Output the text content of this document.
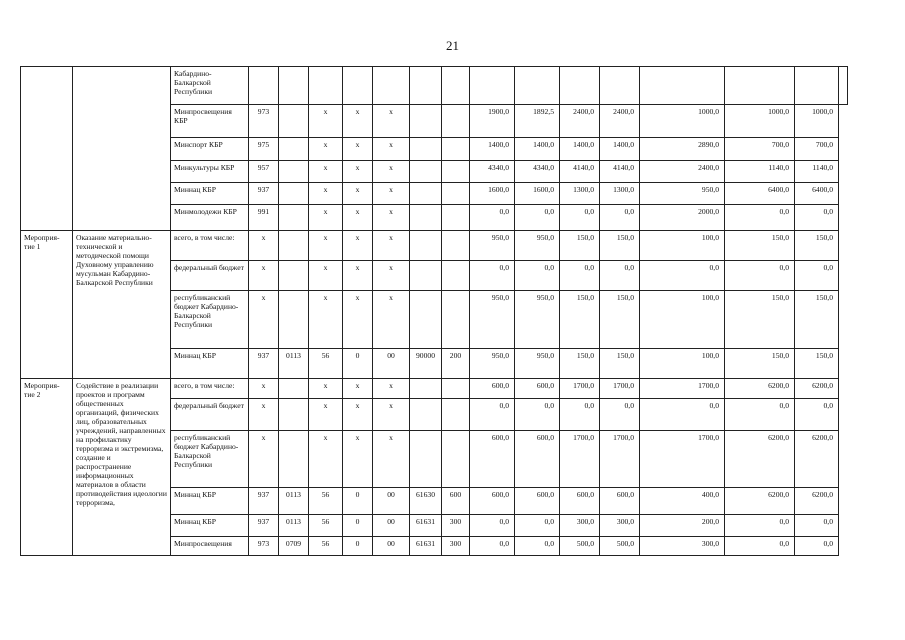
21
		Кабардино-Балкарской Республики															
		Минпросвещения КБР	973		x	x	x			1900,0	1892,5	2400,0	2400,0	1000,0	1000,0	1000,0	
		Минспорт КБР	975		x	x	x			1400,0	1400,0	1400,0	1400,0	2890,0	700,0	700,0	
		Минкультуры КБР	957		x	x	x			4340,0	4340,0	4140,0	4140,0	2400,0	1140,0	1140,0	
		Миннац КБР	937		x	x	x			1600,0	1600,0	1300,0	1300,0	950,0	6400,0	6400,0	
		Минмолодежи КБР	991		x	x	x			0,0	0,0	0,0	0,0	2000,0	0,0	0,0	
Мероприя-тие 1	Оказание материально-технической и методической помощи Духовному управлению мусульман Кабардино-Балкарской Республики	всего, в том числе:	x		x	x	x			950,0	950,0	150,0	150,0	100,0	150,0	150,0	
		федеральный бюджет	x		x	x	x			0,0	0,0	0,0	0,0	0,0	0,0	0,0	
		республиканский бюджет Кабардино-Балкарской Республики	x		x	x	x			950,0	950,0	150,0	150,0	100,0	150,0	150,0	
		Миннац КБР	937	0113	56	0	00	90000	200	950,0	950,0	150,0	150,0	100,0	150,0	150,0	
Мероприя-тие 2	Содействие в реализации проектов и программ общественных организаций, физических лиц, образовательных учреждений, направленных на профилактику терроризма и экстремизма, создание и распространение информационных материалов в области противодействия идеологии терроризма,	всего, в том числе:	x		x	x	x			600,0	600,0	1700,0	1700,0	1700,0	6200,0	6200,0	
		федеральный бюджет	x		x	x	x			0,0	0,0	0,0	0,0	0,0	0,0	0,0	
		республиканский бюджет Кабардино-Балкарской Республики	x		x	x	x			600,0	600,0	1700,0	1700,0	1700,0	6200,0	6200,0	
		Миннац КБР	937	0113	56	0	00	61630	600	600,0	600,0	600,0	600,0	400,0	6200,0	6200,0	
		Миннац КБР	937	0113	56	0	00	61631	300	0,0	0,0	300,0	300,0	200,0	0,0	0,0	
		Минпросвещения	973	0709	56	0	00	61631	300	0,0	0,0	500,0	500,0	300,0	0,0	0,0	
